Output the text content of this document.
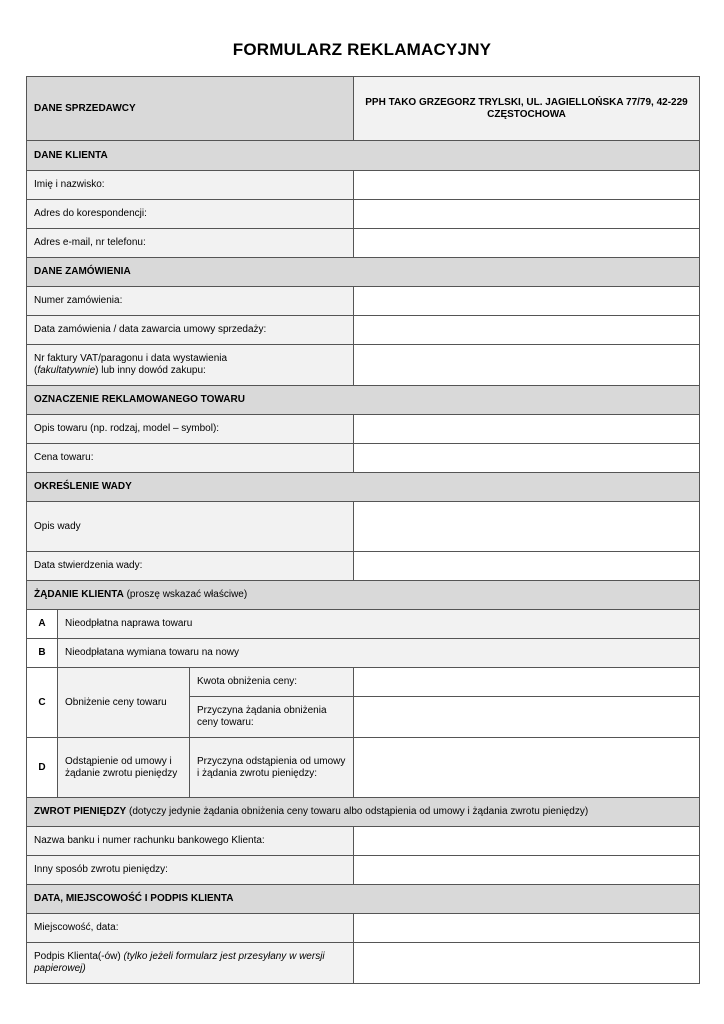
FORMULARZ REKLAMACYJNY
DANE SPRZEDAWCY			PPH TAKO GRZEGORZ TRYLSKI, UL. JAGIELLOŃSKA 77/79, 42-229 CZĘSTOCHOWA
DANE KLIENTA			
Imię i nazwisko:			
Adres do korespondencji:			
Adres e-mail, nr telefonu:			
DANE ZAMÓWIENIA			
Numer zamówienia:			
Data zamówienia / data zawarcia umowy sprzedaży:			
Nr faktury VAT/paragonu i data wystawienia
(fakultatywnie) lub inny dowód zakupu:			
OZNACZENIE REKLAMOWANEGO TOWARU			
Opis towaru (np. rodzaj, model – symbol):			
Cena towaru:			
OKREŚLENIE WADY			
Opis wady			
Data stwierdzenia wady:			
ŻĄDANIE KLIENTA (proszę wskazać właściwe)			
A	Nieodpłatna naprawa towaru		
B	Nieodpłatana wymiana towaru na nowy		
C	Obniżenie ceny towaru	Kwota obniżenia ceny:	
		Przyczyna żądania obniżenia ceny towaru:	
D	Odstąpienie od umowy i żądanie zwrotu pieniędzy	Przyczyna odstąpienia od umowy i żądania zwrotu pieniędzy:	
ZWROT PIENIĘDZY (dotyczy jedynie żądania obniżenia ceny towaru albo odstąpienia od umowy i żądania zwrotu pieniędzy)			
Nazwa banku i numer rachunku bankowego Klienta:			
Inny sposób zwrotu pieniędzy:			
DATA, MIEJSCOWOŚĆ I PODPIS KLIENTA			
Miejscowość, data:			
Podpis Klienta(-ów) (tylko jeżeli formularz jest przesyłany w wersji papierowej)			
